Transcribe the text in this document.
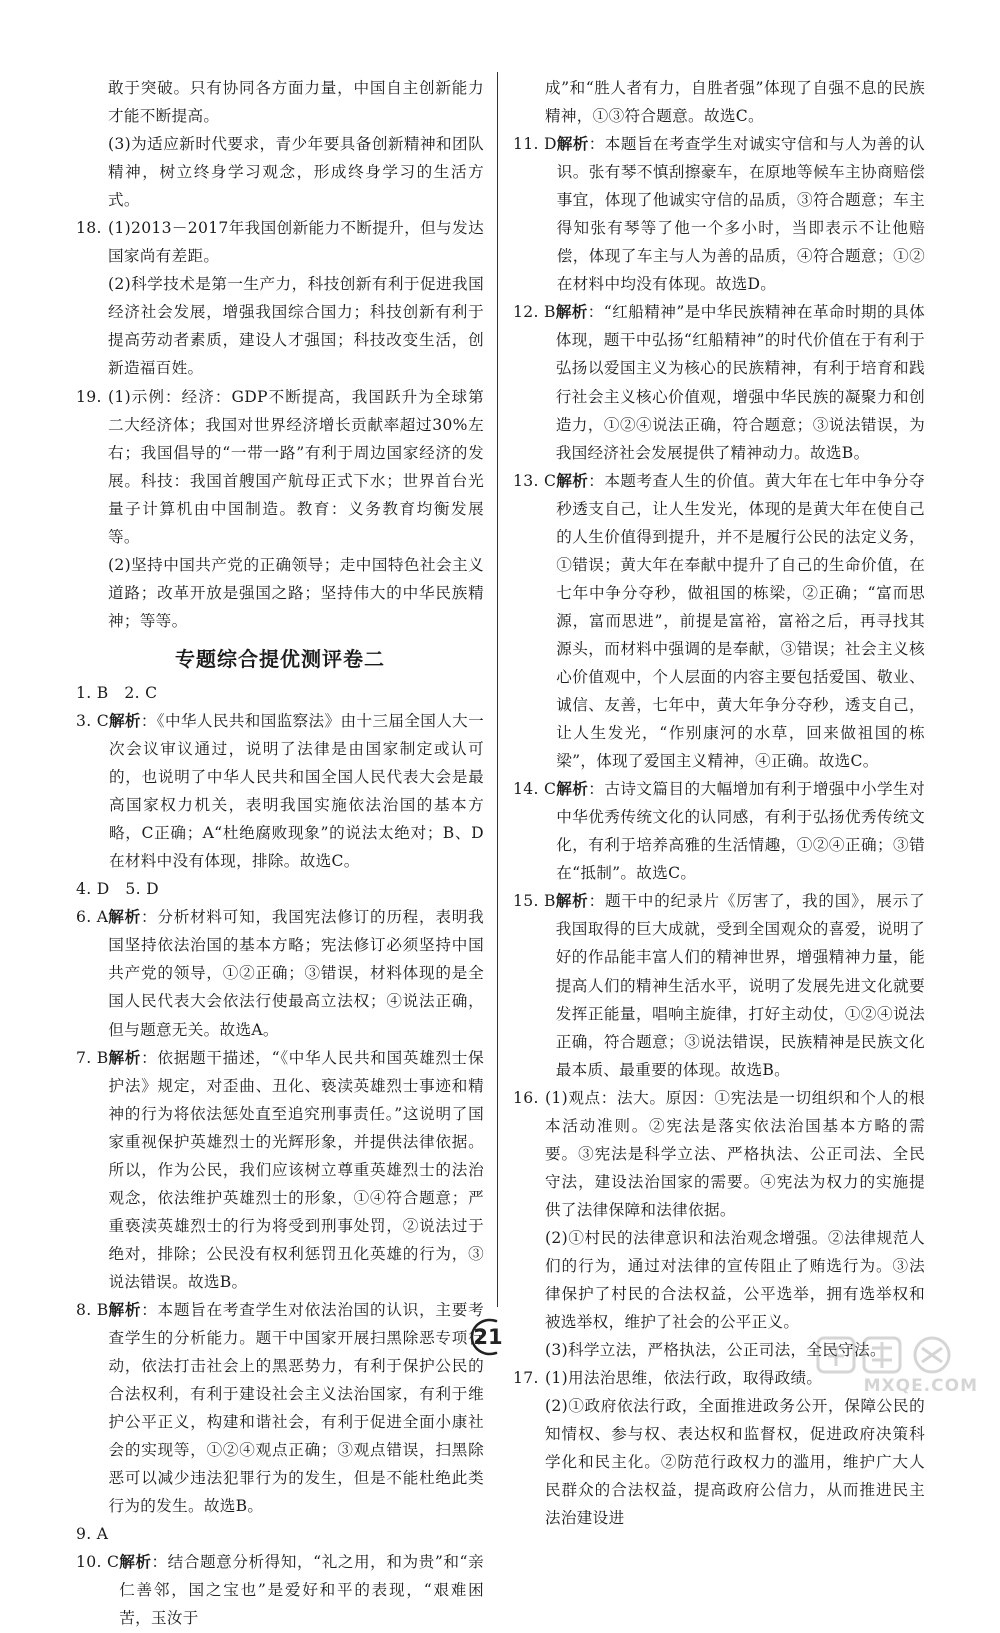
敢于突破。只有协同各方面力量，中国自主创新能力才能不断提高。

(3)为适应新时代要求，青少年要具备创新精神和团队精神，树立终身学习观念，形成终身学习的生活方式。

18. (1)2013－2017年我国创新能力不断提升，但与发达国家尚有差距。

(2)科学技术是第一生产力，科技创新有利于促进我国经济社会发展，增强我国综合国力；科技创新有利于提高劳动者素质，建设人才强国；科技改变生活，创新造福百姓。

19. (1)示例：经济：GDP不断提高，我国跃升为全球第二大经济体；我国对世界经济增长贡献率超过30%左右；我国倡导的“一带一路”有利于周边国家经济的发展。科技：我国首艘国产航母正式下水；世界首台光量子计算机由中国制造。教育：义务教育均衡发展等。

(2)坚持中国共产党的正确领导；走中国特色社会主义道路；改革开放是强国之路；坚持伟大的中华民族精神；等等。

专题综合提优测评卷二

1. B　2. C

3. C 解析：《中华人民共和国监察法》由十三届全国人大一次会议审议通过，说明了法律是由国家制定或认可的，也说明了中华人民共和国全国人民代表大会是最高国家权力机关，表明我国实施依法治国的基本方略，C正确；A“杜绝腐败现象”的说法太绝对；B、D在材料中没有体现，排除。故选C。

4. D　5. D

6. A 解析：分析材料可知，我国宪法修订的历程，表明我国坚持依法治国的基本方略；宪法修订必须坚持中国共产党的领导，①②正确；③错误，材料体现的是全国人民代表大会依法行使最高立法权；④说法正确，但与题意无关。故选A。
7. B 解析：依据题干描述，“《中华人民共和国英雄烈士保护法》规定，对歪曲、丑化、亵渎英雄烈士事迹和精神的行为将依法惩处直至追究刑事责任。”这说明了国家重视保护英雄烈士的光辉形象，并提供法律依据。所以，作为公民，我们应该树立尊重英雄烈士的法治观念，依法维护英雄烈士的形象，①④符合题意；严重亵渎英雄烈士的行为将受到刑事处罚，②说法过于绝对，排除；公民没有权利惩罚丑化英雄的行为，③说法错误。故选B。
8. B 解析：本题旨在考查学生对依法治国的认识，主要考查学生的分析能力。题干中国家开展扫黑除恶专项行动，依法打击社会上的黑恶势力，有利于保护公民的合法权利，有利于建设社会主义法治国家，有利于维护公平正义，构建和谐社会，有利于促进全面小康社会的实现等，①②④观点正确；③观点错误，扫黑除恶可以减少违法犯罪行为的发生，但是不能杜绝此类行为的发生。故选B。

9. A

10. C 解析：结合题意分析得知，“礼之用，和为贵”和“亲仁善邻，国之宝也”是爱好和平的表现，“艰难困苦，玉汝于

成”和“胜人者有力，自胜者强”体现了自强不息的民族精神，①③符合题意。故选C。

11. D 解析：本题旨在考查学生对诚实守信和与人为善的认识。张有琴不慎刮擦豪车，在原地等候车主协商赔偿事宜，体现了他诚实守信的品质，③符合题意；车主得知张有琴等了他一个多小时，当即表示不让他赔偿，体现了车主与人为善的品质，④符合题意；①②在材料中均没有体现。故选D。
12. B 解析：“红船精神”是中华民族精神在革命时期的具体体现，题干中弘扬“红船精神”的时代价值在于有利于弘扬以爱国主义为核心的民族精神，有利于培育和践行社会主义核心价值观，增强中华民族的凝聚力和创造力，①②④说法正确，符合题意；③说法错误，为我国经济社会发展提供了精神动力。故选B。
13. C 解析：本题考查人生的价值。黄大年在七年中争分夺秒透支自己，让人生发光，体现的是黄大年在使自己的人生价值得到提升，并不是履行公民的法定义务，①错误；黄大年在奉献中提升了自己的生命价值，在七年中争分夺秒，做祖国的栋梁，②正确；“富而思源，富而思进”，前提是富裕，富裕之后，再寻找其源头，而材料中强调的是奉献，③错误；社会主义核心价值观中，个人层面的内容主要包括爱国、敬业、诚信、友善，七年中，黄大年争分夺秒，透支自己，让人生发光，“作别康河的水草，回来做祖国的栋梁”，体现了爱国主义精神，④正确。故选C。
14. C 解析：古诗文篇目的大幅增加有利于增强中小学生对中华优秀传统文化的认同感，有利于弘扬优秀传统文化，有利于培养高雅的生活情趣，①②④正确；③错在“抵制”。故选C。
15. B 解析：题干中的纪录片《厉害了，我的国》，展示了我国取得的巨大成就，受到全国观众的喜爱，说明了好的作品能丰富人们的精神世界，增强精神力量，能提高人们的精神生活水平，说明了发展先进文化就要发挥正能量，唱响主旋律，打好主动仗，①②④说法正确，符合题意；③说法错误，民族精神是民族文化最本质、最重要的体现。故选B。
16. (1)观点：法大。原因：①宪法是一切组织和个人的根本活动准则。②宪法是落实依法治国基本方略的需要。③宪法是科学立法、严格执法、公正司法、全民守法，建设法治国家的需要。④宪法为权力的实施提供了法律保障和法律依据。

(2)①村民的法律意识和法治观念增强。②法律规范人们的行为，通过对法律的宣传阻止了贿选行为。③法律保护了村民的合法权益，公平选举，拥有选举权和被选举权，维护了社会的公平正义。

(3)科学立法，严格执法，公正司法，全民守法。

17. (1)用法治思维，依法行政，取得政绩。

(2)①政府依法行政，全面推进政务公开，保障公民的知情权、参与权、表达权和监督权，促进政府决策科学化和民主化。②防范行政权力的滥用，维护广大人民群众的合法权益，提高政府公信力，从而推进民主法治建设进

21
MXQE.COM
